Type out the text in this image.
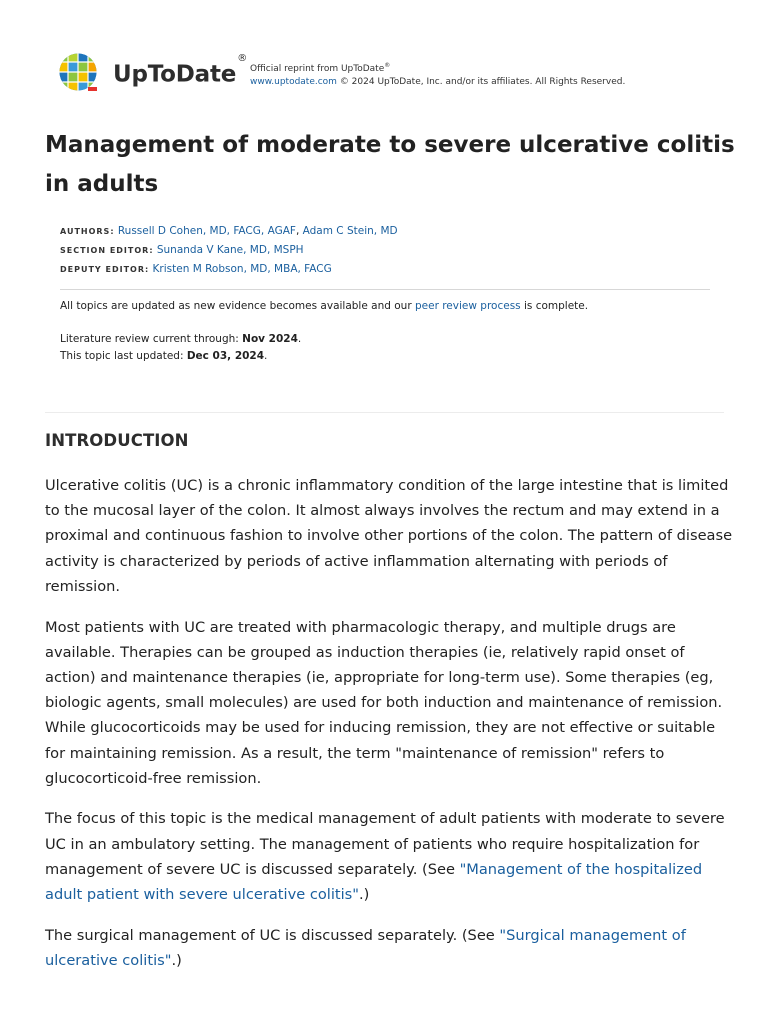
UpToDate®
Official reprint from UpToDate®
www.uptodate.com © 2024 UpToDate, Inc. and/or its affiliates. All Rights Reserved.
Management of moderate to severe ulcerative colitis in adults
AUTHORS: Russell D Cohen, MD, FACG, AGAF, Adam C Stein, MD
SECTION EDITOR: Sunanda V Kane, MD, MSPH
DEPUTY EDITOR: Kristen M Robson, MD, MBA, FACG
All topics are updated as new evidence becomes available and our peer review process is complete.
Literature review current through: Nov 2024.
This topic last updated: Dec 03, 2024.
INTRODUCTION

Ulcerative colitis (UC) is a chronic inflammatory condition of the large intestine that is limited to the mucosal layer of the colon. It almost always involves the rectum and may extend in a proximal and continuous fashion to involve other portions of the colon. The pattern of disease activity is characterized by periods of active inflammation alternating with periods of remission.

Most patients with UC are treated with pharmacologic therapy, and multiple drugs are available. Therapies can be grouped as induction therapies (ie, relatively rapid onset of action) and maintenance therapies (ie, appropriate for long-term use). Some therapies (eg, biologic agents, small molecules) are used for both induction and maintenance of remission. While glucocorticoids may be used for inducing remission, they are not effective or suitable for maintaining remission. As a result, the term "maintenance of remission" refers to glucocorticoid-free remission.

The focus of this topic is the medical management of adult patients with moderate to severe UC in an ambulatory setting. The management of patients who require hospitalization for management of severe UC is discussed separately. (See "Management of the hospitalized adult patient with severe ulcerative colitis".)

The surgical management of UC is discussed separately. (See "Surgical management of ulcerative colitis".)
